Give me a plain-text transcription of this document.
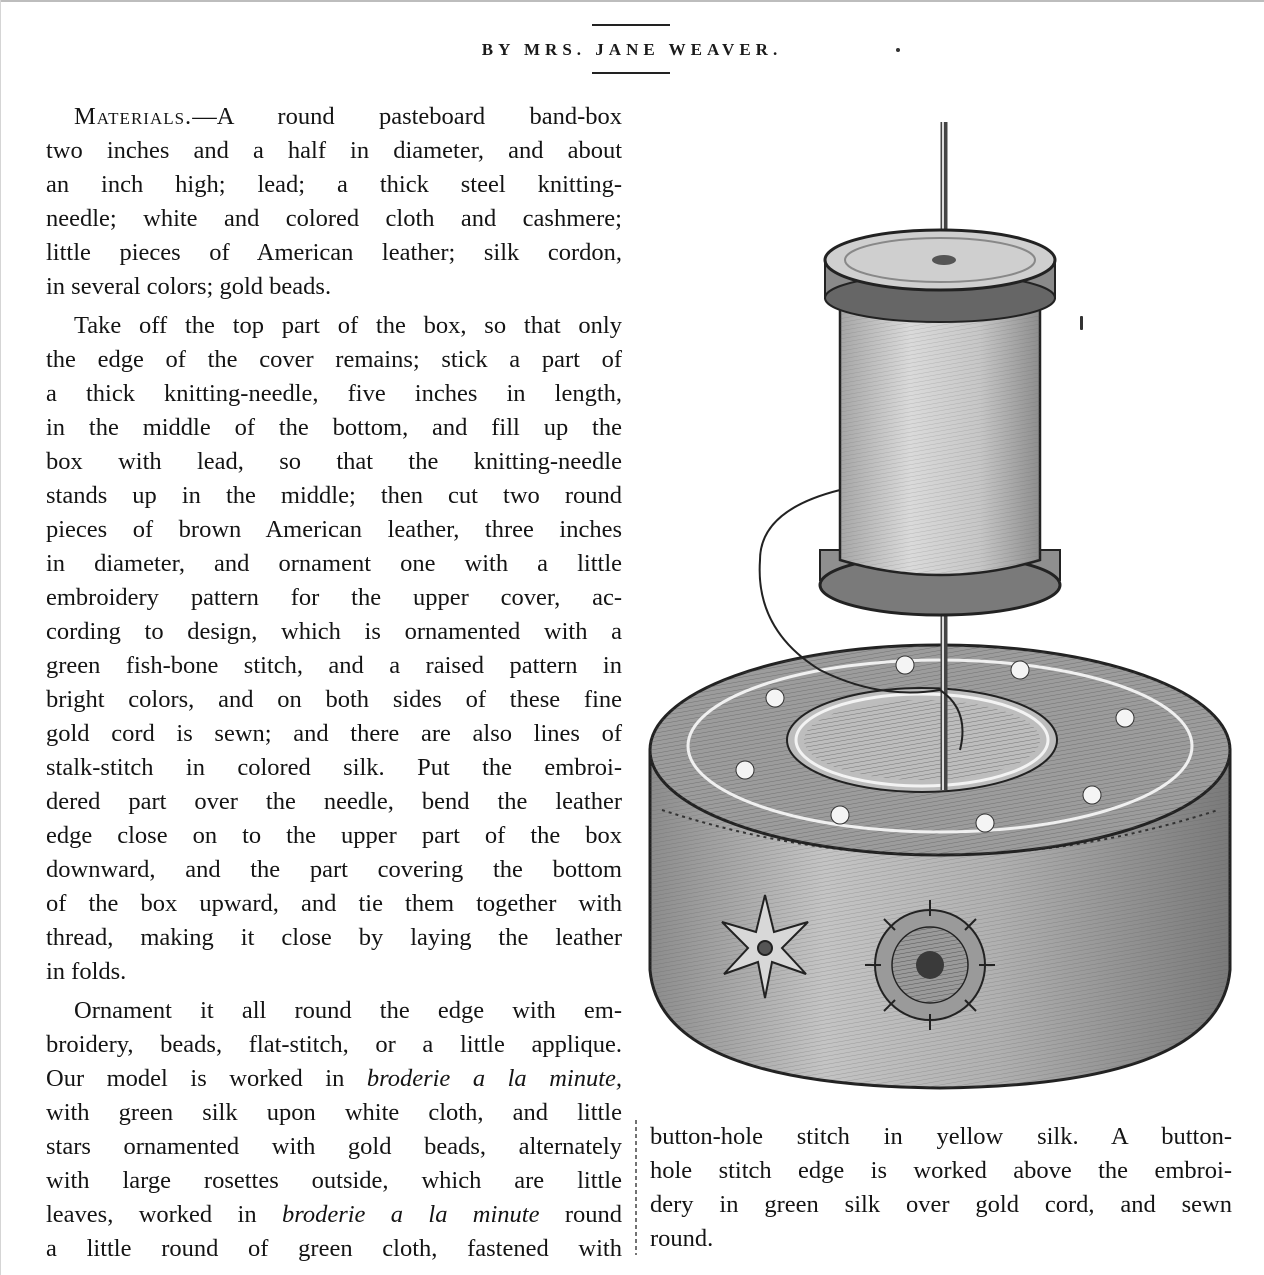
BY MRS. JANE WEAVER.
Materials.—A round pasteboard band-box
two inches and a half in diameter, and about
an inch high; lead; a thick steel knitting-
needle; white and colored cloth and cashmere;
little pieces of American leather; silk cordon,
in several colors; gold beads.
Take off the top part of the box, so that only
the edge of the cover remains; stick a part of
a thick knitting-needle, five inches in length,
in the middle of the bottom, and fill up the
box with lead, so that the knitting-needle
stands up in the middle; then cut two round
pieces of brown American leather, three inches
in diameter, and ornament one with a little
embroidery pattern for the upper cover, ac-
cording to design, which is ornamented with a
green fish-bone stitch, and a raised pattern in
bright colors, and on both sides of these fine
gold cord is sewn; and there are also lines of
stalk-stitch in colored silk. Put the embroi-
dered part over the needle, bend the leather
edge close on to the upper part of the box
downward, and the part covering the bottom
of the box upward, and tie them together with
thread, making it close by laying the leather
in folds.
Ornament it all round the edge with em-
broidery, beads, flat-stitch, or a little applique.
Our model is worked in broderie a la minute,
with green silk upon white cloth, and little
stars ornamented with gold beads, alternately
with large rosettes outside, which are little
leaves, worked in broderie a la minute round
a little round of green cloth, fastened with
button-hole stitch in yellow silk. A button-
hole stitch edge is worked above the embroi-
dery in green silk over gold cord, and sewn
round.
